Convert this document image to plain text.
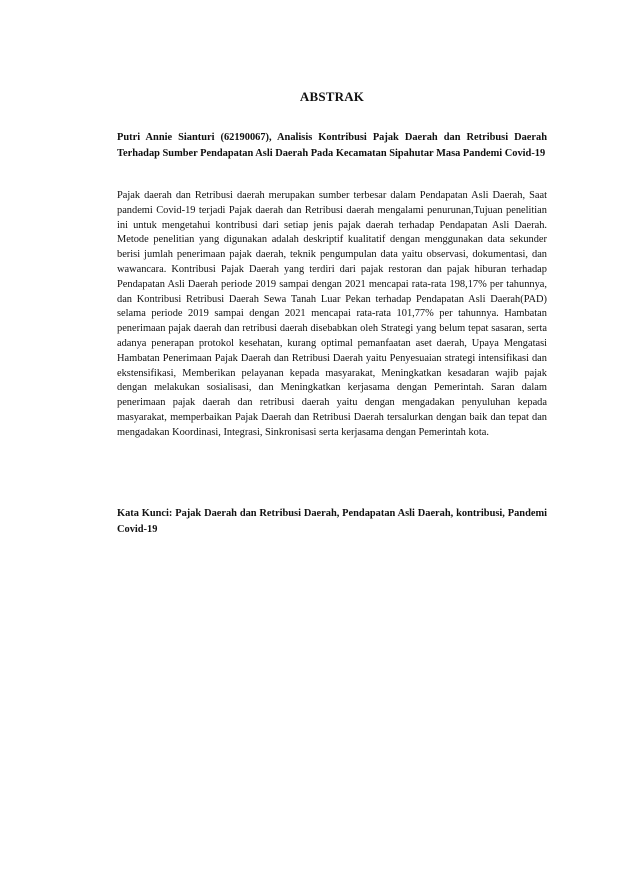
ABSTRAK
Putri Annie Sianturi (62190067), Analisis Kontribusi Pajak Daerah dan Retribusi Daerah Terhadap Sumber Pendapatan Asli Daerah Pada Kecamatan Sipahutar Masa Pandemi Covid-19
Pajak daerah dan Retribusi daerah merupakan sumber terbesar dalam Pendapatan Asli Daerah, Saat pandemi Covid-19 terjadi Pajak daerah dan Retribusi daerah mengalami penurunan,Tujuan penelitian ini untuk mengetahui kontribusi dari setiap jenis pajak daerah terhadap Pendapatan Asli Daerah. Metode penelitian yang digunakan adalah deskriptif kualitatif dengan menggunakan data sekunder berisi jumlah penerimaan pajak daerah, teknik pengumpulan data yaitu observasi, dokumentasi, dan wawancara. Kontribusi Pajak Daerah yang terdiri dari pajak restoran dan pajak hiburan terhadap Pendapatan Asli Daerah periode 2019 sampai dengan 2021 mencapai rata-rata 198,17% per tahunnya, dan Kontribusi Retribusi Daerah Sewa Tanah Luar Pekan terhadap Pendapatan Asli Daerah(PAD) selama periode 2019 sampai dengan 2021 mencapai rata-rata 101,77% per tahunnya. Hambatan penerimaan pajak daerah dan retribusi daerah disebabkan oleh Strategi yang belum tepat sasaran, serta adanya penerapan protokol kesehatan, kurang optimal pemanfaatan aset daerah, Upaya Mengatasi Hambatan Penerimaan Pajak Daerah dan Retribusi Daerah yaitu Penyesuaian strategi intensifikasi dan ekstensifikasi, Memberikan pelayanan kepada masyarakat, Meningkatkan kesadaran wajib pajak dengan melakukan sosialisasi, dan Meningkatkan kerjasama dengan Pemerintah. Saran dalam penerimaan pajak daerah dan retribusi daerah yaitu dengan mengadakan penyuluhan kepada masyarakat, memperbaikan Pajak Daerah dan Retribusi Daerah tersalurkan dengan baik dan tepat dan mengadakan Koordinasi, Integrasi, Sinkronisasi serta kerjasama dengan Pemerintah kota.
Kata Kunci: Pajak Daerah dan Retribusi Daerah, Pendapatan Asli Daerah, kontribusi, Pandemi Covid-19
